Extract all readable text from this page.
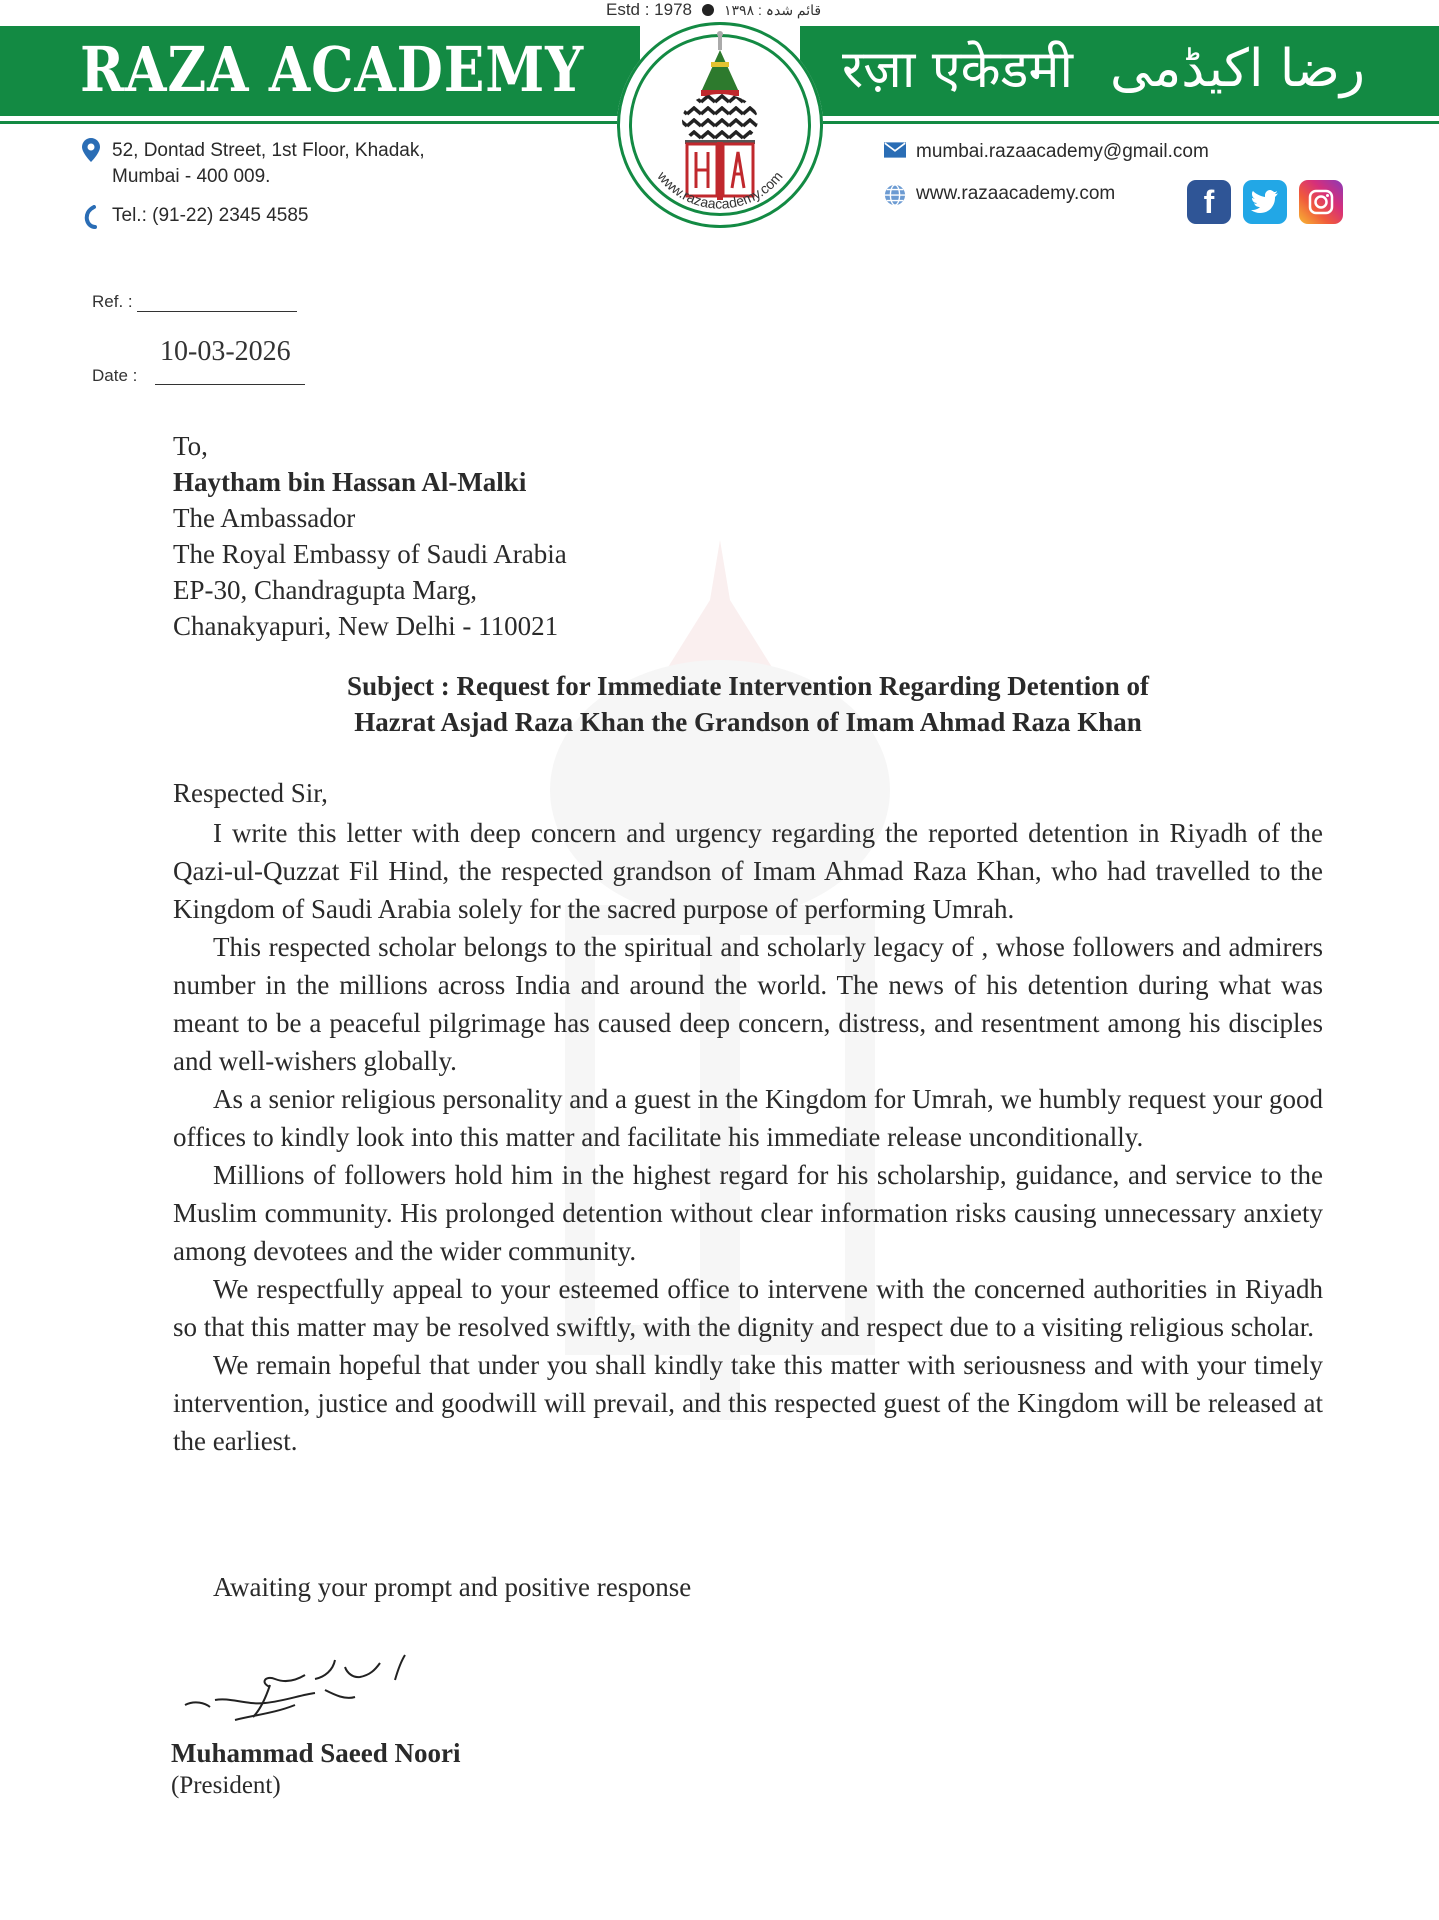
Estd : 1978 قائم شدہ : ۱۳۹۸
RAZA ACADEMY	रज़ा एकेडमी رضا اکیڈمی
www.razaacademy.com
52, Dontad Street, 1st Floor, Khadak,
Mumbai - 400 009.
Tel.: (91-22) 2345 4585
mumbai.razaacademy@gmail.com
www.razaacademy.com	f
Ref. :
10-03-2026
Date :
To,
Haytham bin Hassan Al-Malki
The Ambassador
The Royal Embassy of Saudi Arabia
EP-30, Chandragupta Marg,
Chanakyapuri, New Delhi - 110021
Subject : Request for Immediate Intervention Regarding Detention of
Hazrat Asjad Raza Khan the Grandson of Imam Ahmad Raza Khan
Respected Sir,

I write this letter with deep concern and urgency regarding the reported detention in Riyadh of the Qazi-ul-Quzzat Fil Hind, the respected grandson of Imam Ahmad Raza Khan, who had travelled to the Kingdom of Saudi Arabia solely for the sacred purpose of performing Umrah.

This respected scholar belongs to the spiritual and scholarly legacy of , whose followers and admirers number in the millions across India and around the world. The news of his detention during what was meant to be a peaceful pilgrimage has caused deep concern, distress, and resentment among his disciples and well-wishers globally.

As a senior religious personality and a guest in the Kingdom for Umrah, we humbly request your good offices to kindly look into this matter and facilitate his immediate release unconditionally.

Millions of followers hold him in the highest regard for his scholarship, guidance, and service to the Muslim community. His prolonged detention without clear information risks causing unnecessary anxiety among devotees and the wider community.

We respectfully appeal to your esteemed office to intervene with the concerned authorities in Riyadh so that this matter may be resolved swiftly, with the dignity and respect due to a visiting religious scholar.

We remain hopeful that under you shall kindly take this matter with seriousness and with your timely intervention, justice and goodwill will prevail, and this respected guest of the Kingdom will be released at the earliest.

Awaiting your prompt and positive response
Muhammad Saeed Noori
(President)
